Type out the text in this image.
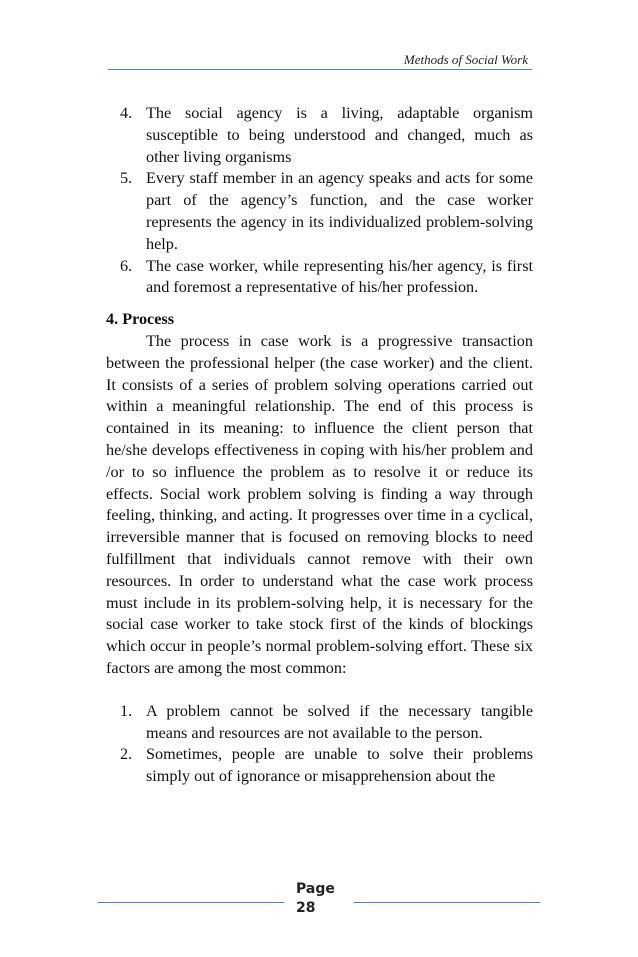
Methods of Social Work
4. The social agency is a living, adaptable organism susceptible to being understood and changed, much as other living organisms
5. Every staff member in an agency speaks and acts for some part of the agency’s function, and the case worker represents the agency in its individualized problem-solving help.
6. The case worker, while representing his/her agency, is first and foremost a representative of his/her profession.
4. Process
The process in case work is a progressive transaction between the professional helper (the case worker) and the client. It consists of a series of problem solving operations carried out within a meaningful relationship. The end of this process is contained in its meaning: to influence the client person that he/she develops effectiveness in coping with his/her problem and /or to so influence the problem as to resolve it or reduce its effects. Social work problem solving is finding a way through feeling, thinking, and acting. It progresses over time in a cyclical, irreversible manner that is focused on removing blocks to need fulfillment that individuals cannot remove with their own resources. In order to understand what the case work process must include in its problem-solving help, it is necessary for the social case worker to take stock first of the kinds of blockings which occur in people’s normal problem-solving effort. These six factors are among the most common:
1. A problem cannot be solved if the necessary tangible means and resources are not available to the person.
2. Sometimes, people are unable to solve their problems simply out of ignorance or misapprehension about the
Page 28
